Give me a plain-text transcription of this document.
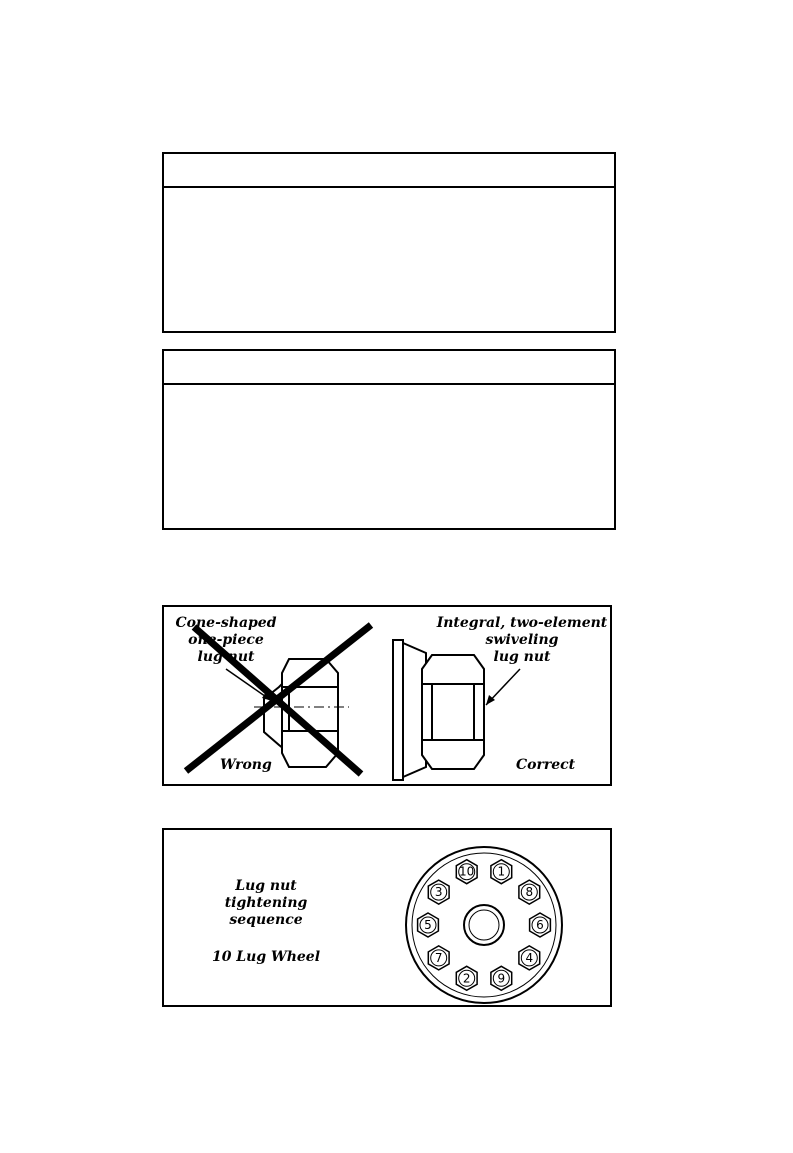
Cone-shaped
one-piece
lug nut
Integral, two-element
swiveling
lug nut
Wrong	Correct
Lug nut
tightening
sequence
10 Lug Wheel
10 1
8
6
4
9
2
7
5
3
